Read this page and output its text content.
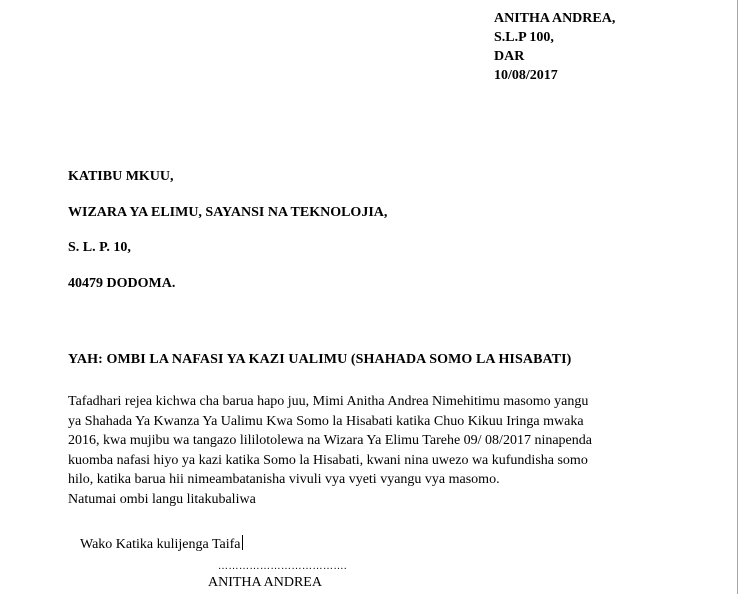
ANITHA ANDREA,
S.L.P 100,
DAR
10/08/2017
KATIBU MKUU,
WIZARA YA ELIMU, SAYANSI NA TEKNOLOJIA,
S. L. P. 10,
40479 DODOMA.
YAH: OMBI LA NAFASI YA KAZI UALIMU (SHAHADA SOMO LA HISABATI)
Tafadhari rejea kichwa cha barua hapo juu, Mimi Anitha Andrea Nimehitimu masomo yangu
ya Shahada Ya Kwanza Ya Ualimu Kwa Somo la Hisabati katika Chuo Kikuu Iringa mwaka
2016, kwa mujibu wa tangazo lililotolewa na Wizara Ya Elimu Tarehe 09/ 08/2017 ninapenda
kuomba nafasi hiyo ya kazi katika Somo la Hisabati, kwani nina uwezo wa kufundisha somo
hilo, katika barua hii nimeambatanisha vivuli vya vyeti vyangu vya masomo.
Natumai ombi langu litakubaliwa
Wako Katika kulijenga Taifa
……………………………….
ANITHA ANDREA
